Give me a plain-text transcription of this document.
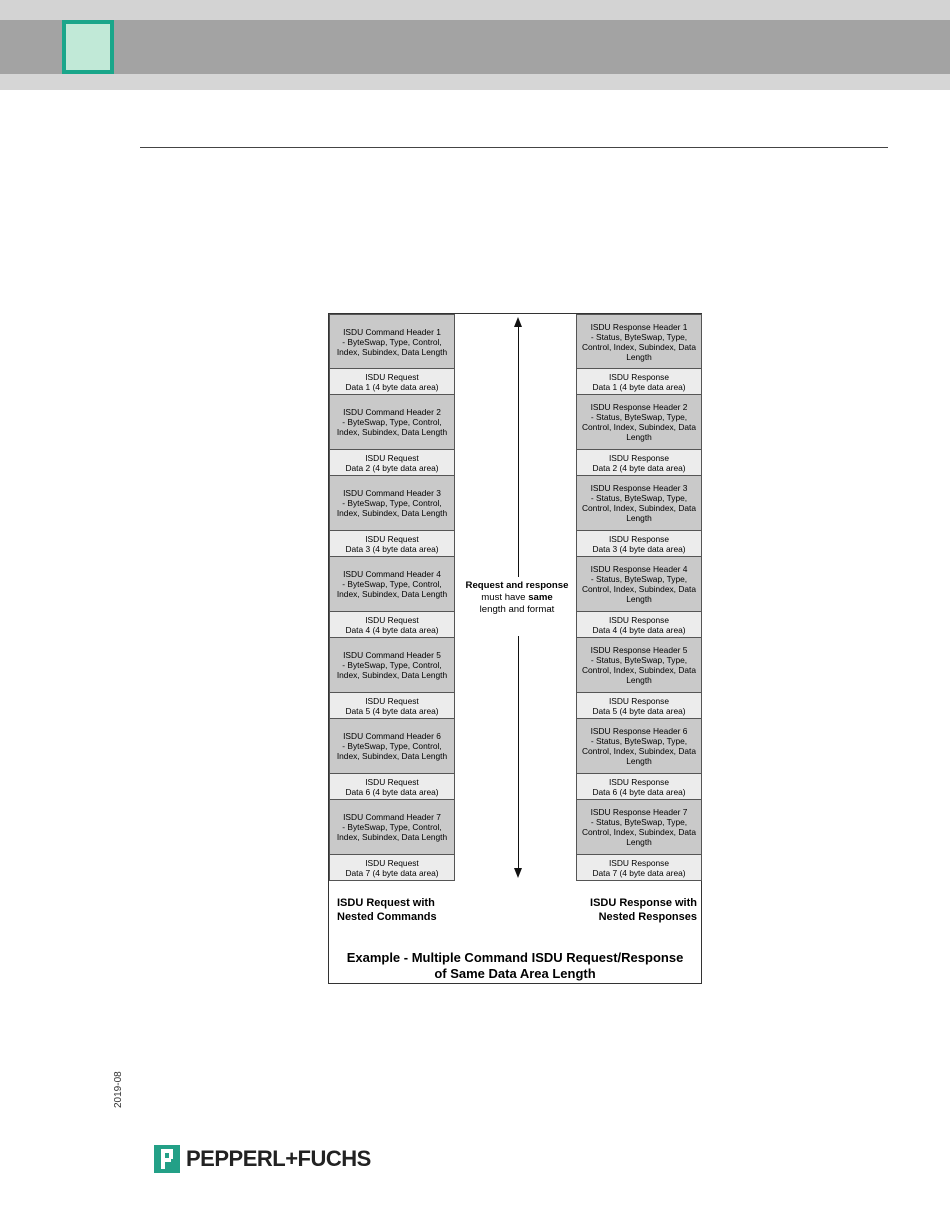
ISDU Command Header 1
- ByteSwap, Type, Control,
Index, Subindex, Data Length
ISDU Request
Data 1 (4 byte data area)
ISDU Command Header 2
- ByteSwap, Type, Control,
Index, Subindex, Data Length
ISDU Request
Data 2 (4 byte data area)
ISDU Command Header 3
- ByteSwap, Type, Control,
Index, Subindex, Data Length
ISDU Request
Data 3 (4 byte data area)
ISDU Command Header 4
- ByteSwap, Type, Control,
Index, Subindex, Data Length
ISDU Request
Data 4 (4 byte data area)
ISDU Command Header 5
- ByteSwap, Type, Control,
Index, Subindex, Data Length
ISDU Request
Data 5 (4 byte data area)
ISDU Command Header 6
- ByteSwap, Type, Control,
Index, Subindex, Data Length
ISDU Request
Data 6 (4 byte data area)
ISDU Command Header 7
- ByteSwap, Type, Control,
Index, Subindex, Data Length
ISDU Request
Data 7 (4 byte data area)
ISDU Response Header 1
- Status, ByteSwap, Type,
Control, Index, Subindex, Data
Length
ISDU Response
Data 1 (4 byte data area)
ISDU Response Header 2
- Status, ByteSwap, Type,
Control, Index, Subindex, Data
Length
ISDU Response
Data 2 (4 byte data area)
ISDU Response Header 3
- Status, ByteSwap, Type,
Control, Index, Subindex, Data
Length
ISDU Response
Data 3 (4 byte data area)
ISDU Response Header 4
- Status, ByteSwap, Type,
Control, Index, Subindex, Data
Length
ISDU Response
Data 4 (4 byte data area)
ISDU Response Header 5
- Status, ByteSwap, Type,
Control, Index, Subindex, Data
Length
ISDU Response
Data 5 (4 byte data area)
ISDU Response Header 6
- Status, ByteSwap, Type,
Control, Index, Subindex, Data
Length
ISDU Response
Data 6 (4 byte data area)
ISDU Response Header 7
- Status, ByteSwap, Type,
Control, Index, Subindex, Data
Length
ISDU Response
Data 7 (4 byte data area)
Request and response
must have same
length and format
ISDU Request with
Nested Commands
ISDU Response with
Nested Responses
Example - Multiple Command ISDU Request/Response
of Same Data Area Length
2019-08
PEPPERL+FUCHS
